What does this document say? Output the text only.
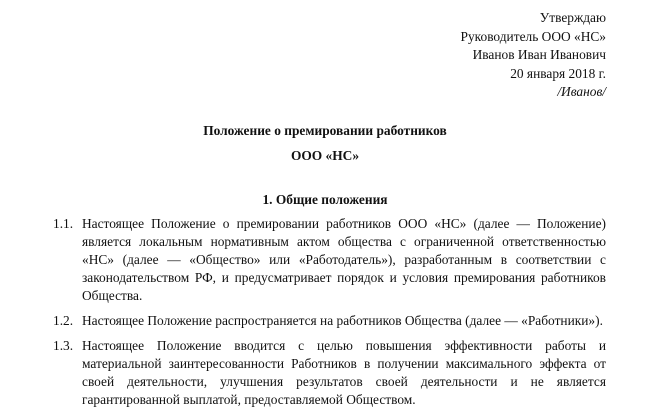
Утверждаю
Руководитель ООО «НС»
Иванов Иван Иванович
20 января 2018 г.
/Иванов/
Положение о премировании работников
ООО «НС»
1. Общие положения
1.1. Настоящее Положение о премировании работников ООО «НС» (далее — Положение) является локальным нормативным актом общества с ограниченной ответственностью «НС» (далее — «Общество» или «Работодатель»), разработанным в соответствии с законодательством РФ, и предусматривает порядок и условия премирования работников Общества.
1.2. Настоящее Положение распространяется на работников Общества (далее — «Работники»).
1.3. Настоящее Положение вводится с целью повышения эффективности работы и материальной заинтересованности Работников в получении максимального эффекта от своей деятельности, улучшения результатов своей деятельности и не является гарантированной выплатой, предоставляемой Обществом.
